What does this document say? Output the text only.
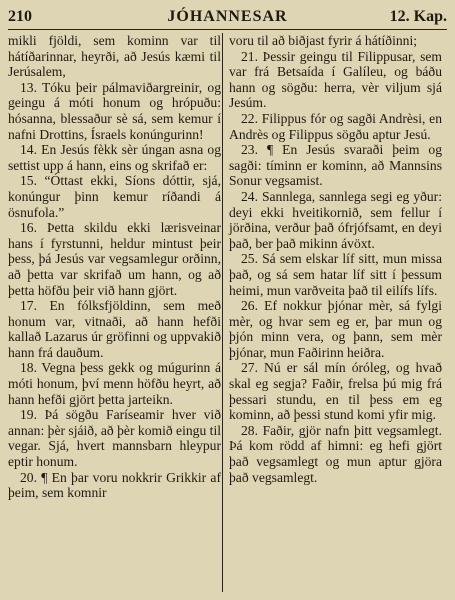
JÓHANNESAR
210	12. Kap.

mikli fjöldi, sem kominn var til hátíðarinnar, heyrði, að Jesús kæmi til Jerúsalem,

13. Tóku þeir pálmaviðargreinir, og geingu á móti honum og hrópuðu: hósanna, blessaður sè sá, sem kemur í nafni Drottins, Ísraels konúngurinn!

14. En Jesús fèkk sèr úngan asna og settist upp á hann, eins og skrifað er:

15. “Óttast ekki, Síons dóttir, sjá, konúngur þinn kemur ríðandi á ösnufola.”

16. Þetta skildu ekki lærisveinar hans í fyrstunni, heldur mintust þeir þess, þá Jesús var vegsamlegur orðinn, að þetta var skrifað um hann, og að þetta höfðu þeir við hann gjört.

17. En fólksfjöldinn, sem með honum var, vitnaði, að hann hefði kallað Lazarus úr gröfinni og uppvakið hann frá dauðum.

18. Vegna þess gekk og múgurinn á móti honum, því menn höfðu heyrt, að hann hefði gjört þetta jarteikn.

19. Þá sögðu Faríseamir hver við annan: þèr sjáið, að þèr komið eingu til vegar. Sjá, hvert mannsbarn hleypur eptir honum.

20. ¶ En þar voru nokkrir Grikkir af þeim, sem komnir

voru til að biðjast fyrir á hátíðinni;

21. Þessir geingu til Filippusar, sem var frá Betsaída í Galíleu, og báðu hann og sögðu: herra, vèr viljum sjá Jesúm.

22. Filippus fór og sagði Andrèsi, en Andrès og Filippus sögðu aptur Jesú.

23. ¶ En Jesús svaraði þeim og sagði: tíminn er kominn, að Mannsins Sonur vegsamist.

24. Sannlega, sannlega segi eg yður: deyi ekki hveitikornið, sem fellur í jörðina, verður það ófrjófsamt, en deyi það, ber það mikinn ávöxt.

25. Sá sem elskar líf sitt, mun missa það, og sá sem hatar líf sitt í þessum heimi, mun varðveita það til eilífs lífs.

26. Ef nokkur þjónar mèr, sá fylgi mèr, og hvar sem eg er, þar mun og þjón minn vera, og þann, sem mèr þjónar, mun Faðirinn heiðra.

27. Nú er sál mín óróleg, og hvað skal eg segja? Faðir, frelsa þú mig frá þessari stundu, en til þess em eg kominn, að þessi stund komi yfir mig.

28. Faðir, gjör nafn þitt vegsamlegt. Þá kom rödd af himni: eg hefi gjört það vegsamlegt og mun aptur gjöra það vegsamlegt.
